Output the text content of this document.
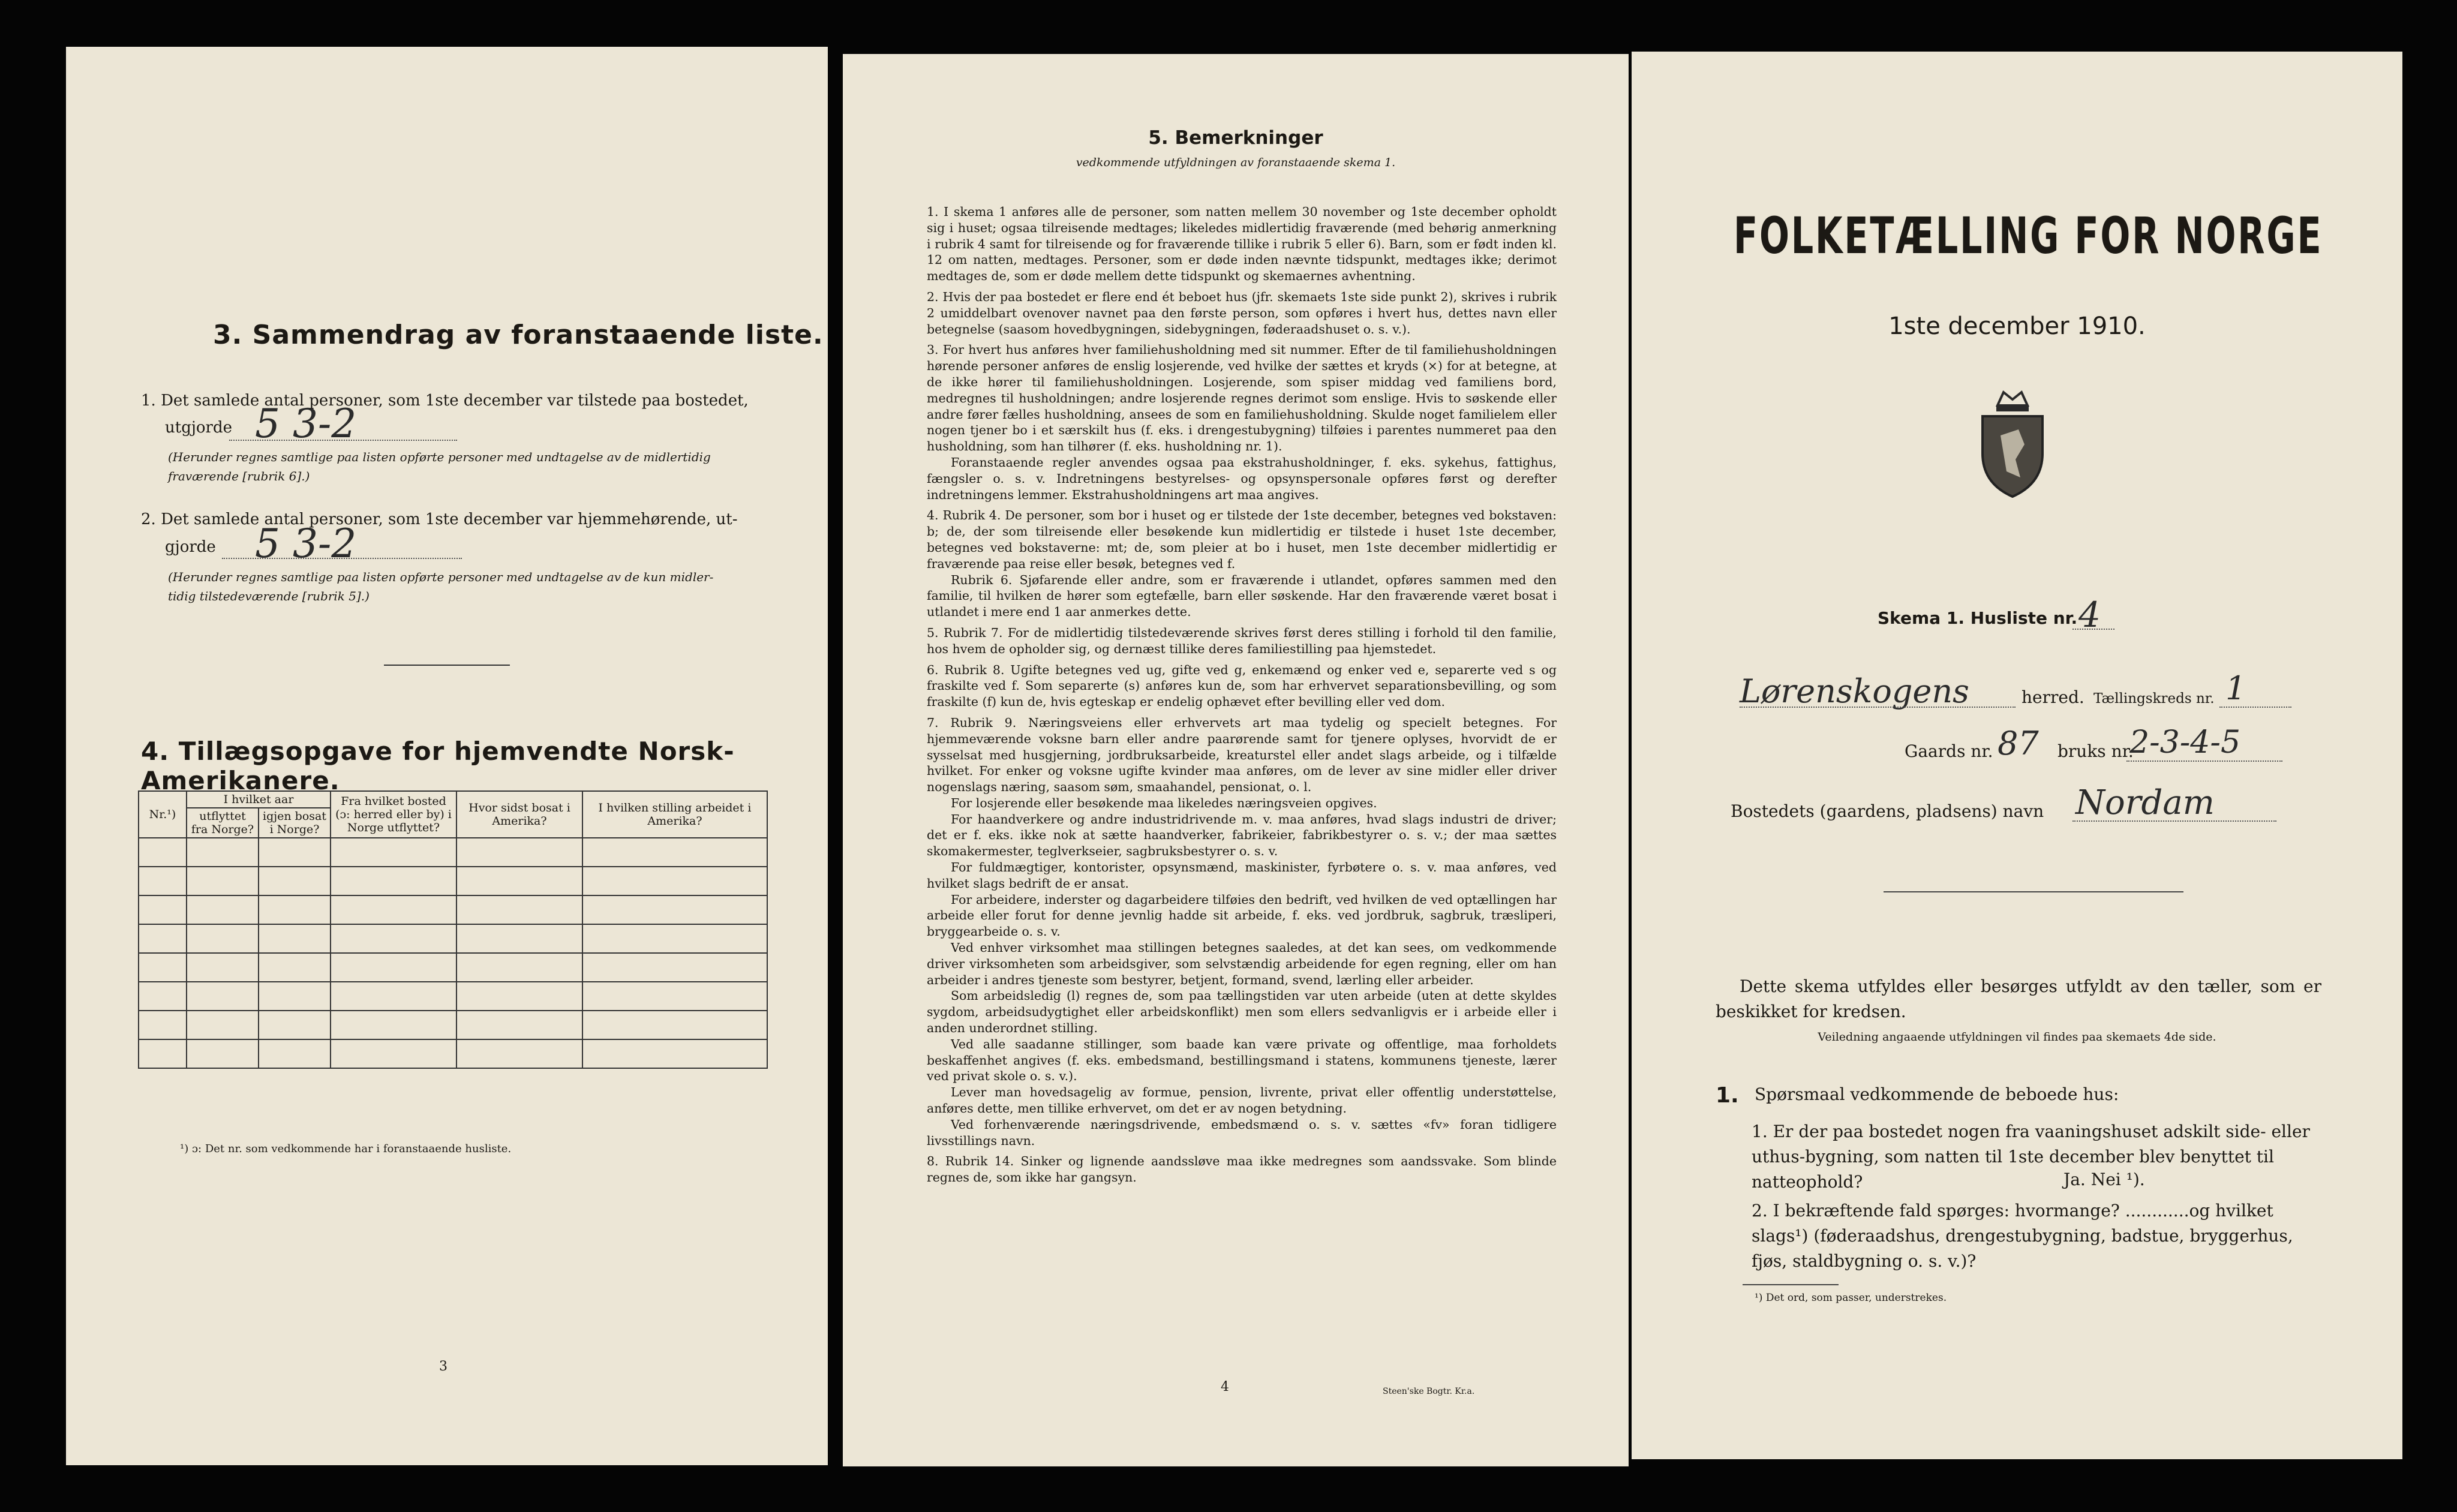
3. Sammendrag av foranstaaende liste.
1. Det samlede antal personer, som 1ste december var tilstede paa bostedet,
utgjorde 5 3-2
(Herunder regnes samtlige paa listen opførte personer med undtagelse av de midlertidig
fraværende [rubrik 6].)
2. Det samlede antal personer, som 1ste december var hjemmehørende, ut-
gjorde 5 3-2
(Herunder regnes samtlige paa listen opførte personer med undtagelse av de kun midler-
tidig tilstedeværende [rubrik 5].)
4. Tillægsopgave for hjemvendte Norsk-Amerikanere.
Nr.¹)	I hvilket aar		Fra hvilket bosted (ɔ: herred eller by) i Norge utflyttet?	Hvor sidst bosat i Amerika?	I hvilken stilling arbeidet i Amerika?
	utflyttet fra Norge?	igjen bosat i Norge?			

¹) ɔ: Det nr. som vedkommende har i foranstaaende husliste.
3
5. Bemerkninger
vedkommende utfyldningen av foranstaaende skema 1.
1. I skema 1 anføres alle de personer, som natten mellem 30 november og 1ste december opholdt sig i huset; ogsaa tilreisende medtages; likeledes midlertidig fraværende (med behørig anmerkning i rubrik 4 samt for tilreisende og for fraværende tillike i rubrik 5 eller 6). Barn, som er født inden kl. 12 om natten, medtages. Personer, som er døde inden nævnte tidspunkt, medtages ikke; derimot medtages de, som er døde mellem dette tidspunkt og skemaernes avhentning.
2. Hvis der paa bostedet er flere end ét beboet hus (jfr. skemaets 1ste side punkt 2), skrives i rubrik 2 umiddelbart ovenover navnet paa den første person, som opføres i hvert hus, dettes navn eller betegnelse (saasom hovedbygningen, sidebygningen, føderaadshuset o. s. v.).
3. For hvert hus anføres hver familiehusholdning med sit nummer. Efter de til familiehusholdningen hørende personer anføres de enslig losjerende, ved hvilke der sættes et kryds (×) for at betegne, at de ikke hører til familiehusholdningen. Losjerende, som spiser middag ved familiens bord, medregnes til husholdningen; andre losjerende regnes derimot som enslige. Hvis to søskende eller andre fører fælles husholdning, ansees de som en familiehusholdning. Skulde noget familielem eller nogen tjener bo i et særskilt hus (f. eks. i drengestubygning) tilføies i parentes nummeret paa den husholdning, som han tilhører (f. eks. husholdning nr. 1).
Foranstaaende regler anvendes ogsaa paa ekstrahusholdninger, f. eks. sykehus, fattighus, fængsler o. s. v. Indretningens bestyrelses- og opsynspersonale opføres først og derefter indretningens lemmer. Ekstrahusholdningens art maa angives.
4. Rubrik 4. De personer, som bor i huset og er tilstede der 1ste december, betegnes ved bokstaven: b; de, der som tilreisende eller besøkende kun midlertidig er tilstede i huset 1ste december, betegnes ved bokstaverne: mt; de, som pleier at bo i huset, men 1ste december midlertidig er fraværende paa reise eller besøk, betegnes ved f.
Rubrik 6. Sjøfarende eller andre, som er fraværende i utlandet, opføres sammen med den familie, til hvilken de hører som egtefælle, barn eller søskende. Har den fraværende været bosat i utlandet i mere end 1 aar anmerkes dette.
5. Rubrik 7. For de midlertidig tilstedeværende skrives først deres stilling i forhold til den familie, hos hvem de opholder sig, og dernæst tillike deres familiestilling paa hjemstedet.
6. Rubrik 8. Ugifte betegnes ved ug, gifte ved g, enkemænd og enker ved e, separerte ved s og fraskilte ved f. Som separerte (s) anføres kun de, som har erhvervet separationsbevilling, og som fraskilte (f) kun de, hvis egteskap er endelig ophævet efter bevilling eller ved dom.
7. Rubrik 9. Næringsveiens eller erhvervets art maa tydelig og specielt betegnes. For hjemmeværende voksne barn eller andre paarørende samt for tjenere oplyses, hvorvidt de er sysselsat med husgjerning, jordbruksarbeide, kreaturstel eller andet slags arbeide, og i tilfælde hvilket. For enker og voksne ugifte kvinder maa anføres, om de lever av sine midler eller driver nogenslags næring, saasom søm, smaahandel, pensionat, o. l.
For losjerende eller besøkende maa likeledes næringsveien opgives.
For haandverkere og andre industridrivende m. v. maa anføres, hvad slags industri de driver; det er f. eks. ikke nok at sætte haandverker, fabrikeier, fabrikbestyrer o. s. v.; der maa sættes skomakermester, teglverkseier, sagbruksbestyrer o. s. v.
For fuldmægtiger, kontorister, opsynsmænd, maskinister, fyrbøtere o. s. v. maa anføres, ved hvilket slags bedrift de er ansat.
For arbeidere, inderster og dagarbeidere tilføies den bedrift, ved hvilken de ved optællingen har arbeide eller forut for denne jevnlig hadde sit arbeide, f. eks. ved jordbruk, sagbruk, træsliperi, bryggearbeide o. s. v.
Ved enhver virksomhet maa stillingen betegnes saaledes, at det kan sees, om vedkommende driver virksomheten som arbeidsgiver, som selvstændig arbeidende for egen regning, eller om han arbeider i andres tjeneste som bestyrer, betjent, formand, svend, lærling eller arbeider.
Som arbeidsledig (l) regnes de, som paa tællingstiden var uten arbeide (uten at dette skyldes sygdom, arbeidsudygtighet eller arbeidskonflikt) men som ellers sedvanligvis er i arbeide eller i anden underordnet stilling.
Ved alle saadanne stillinger, som baade kan være private og offentlige, maa forholdets beskaffenhet angives (f. eks. embedsmand, bestillingsmand i statens, kommunens tjeneste, lærer ved privat skole o. s. v.).
Lever man hovedsagelig av formue, pension, livrente, privat eller offentlig understøttelse, anføres dette, men tillike erhvervet, om det er av nogen betydning.
Ved forhenværende næringsdrivende, embedsmænd o. s. v. sættes «fv» foran tidligere livsstillings navn.
8. Rubrik 14. Sinker og lignende aandssløve maa ikke medregnes som aandssvake. Som blinde regnes de, som ikke har gangsyn.
4	Steen'ske Bogtr. Kr.a.
FOLKETÆLLING FOR NORGE
1ste december 1910.
Skema 1. Husliste nr. 4
Lørenskogens	herred. Tællingskreds nr. 1
Gaards nr. 87 bruks nr.
2-3-4-5
Bostedets (gaardens, pladsens) navn Nordam
Dette skema utfyldes eller besørges utfyldt av den tæller, som er beskikket for kredsen.
Veiledning angaaende utfyldningen vil findes paa skemaets 4de side.
1. Spørsmaal vedkommende de beboede hus:
1. Er der paa bostedet nogen fra vaaningshuset adskilt side- eller uthus-bygning, som natten til 1ste december blev benyttet til natteophold?	Ja. Nei ¹).
2. I bekræftende fald spørges: hvormange? ............og hvilket slags¹) (føderaadshus, drengestubygning, badstue, bryggerhus, fjøs, staldbygning o. s. v.)?
¹) Det ord, som passer, understrekes.
